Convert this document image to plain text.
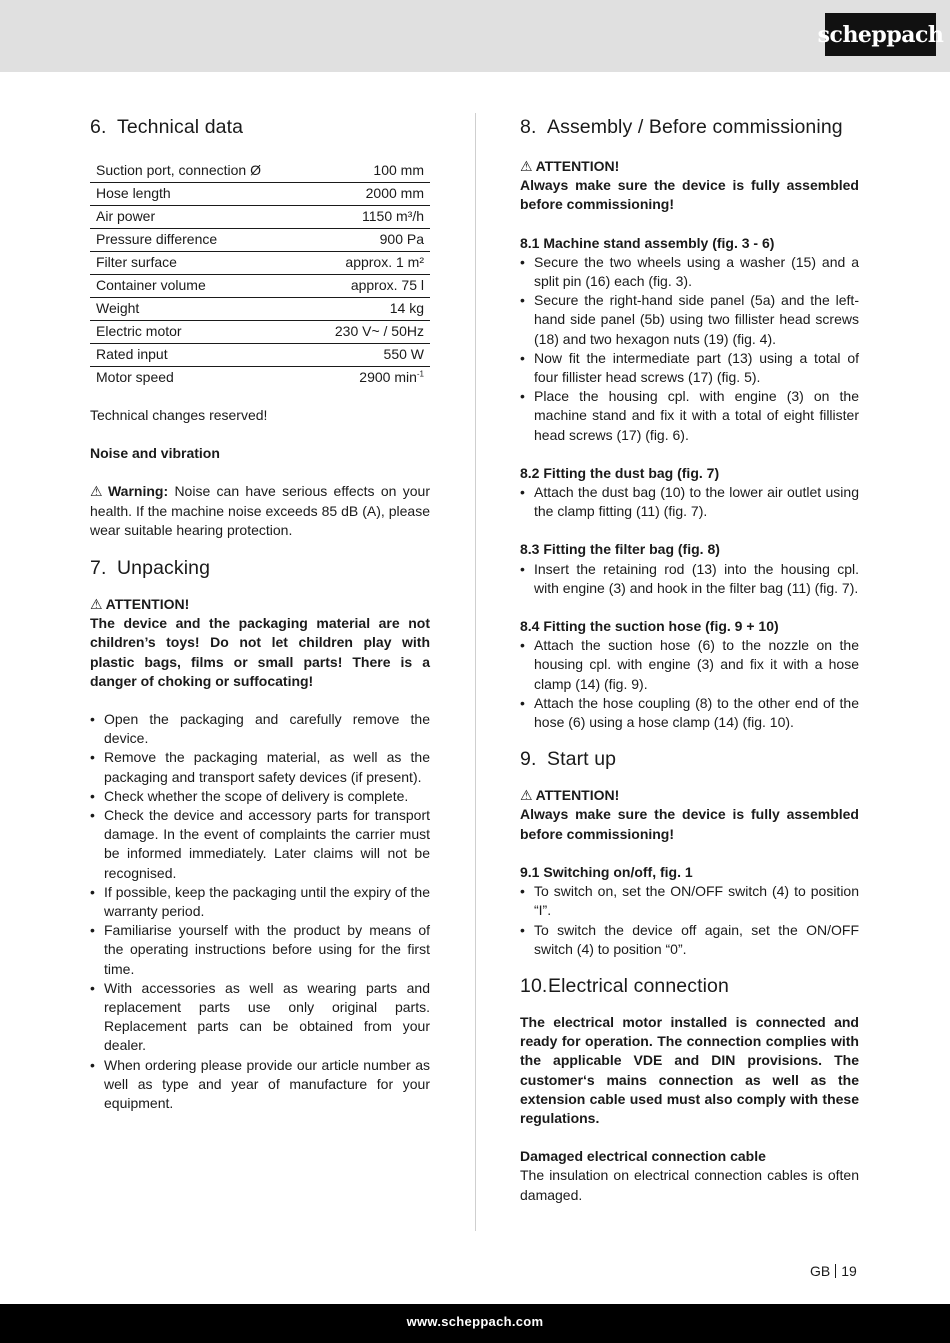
scheppach
6. Technical data
Suction port, connection Ø	100 mm
Hose length	2000 mm
Air power	1150 m³/h
Pressure difference	900 Pa
Filter surface	approx. 1 m²
Container volume	approx. 75 l
Weight	14 kg
Electric motor	230 V~ / 50Hz
Rated input	550 W
Motor speed	2900 $\min^{-1}$

Technical changes reserved!

Noise and vibration

⚠ Warning: Noise can have serious effects on your health. If the machine noise exceeds 85 dB (A), please wear suitable hearing protection.

7. Unpacking

⚠ ATTENTION!

The device and the packaging material are not children’s toys! Do not let children play with plastic bags, films or small parts! There is a danger of choking or suffocating!

• Open the packaging and carefully remove the device.
• Remove the packaging material, as well as the packaging and transport safety devices (if present).
• Check whether the scope of delivery is complete.
• Check the device and accessory parts for transport damage. In the event of complaints the carrier must be informed immediately. Later claims will not be recognised.
• If possible, keep the packaging until the expiry of the warranty period.
• Familiarise yourself with the product by means of the operating instructions before using for the first time.
• With accessories as well as wearing parts and replacement parts use only original parts. Replacement parts can be obtained from your dealer.
• When ordering please provide our article number as well as type and year of manufacture for your equipment.
8. Assembly / Before commissioning

⚠ ATTENTION!

Always make sure the device is fully assembled before commissioning!

8.1 Machine stand assembly (fig. 3 - 6)

• Secure the two wheels using a washer (15) and a split pin (16) each (fig. 3).
• Secure the right-hand side panel (5a) and the left-hand side panel (5b) using two fillister head screws (18) and two hexagon nuts (19) (fig. 4).
• Now fit the intermediate part (13) using a total of four fillister head screws (17) (fig. 5).
• Place the housing cpl. with engine (3) on the machine stand and fix it with a total of eight fillister head screws (17) (fig. 6).

8.2 Fitting the dust bag (fig. 7)

• Attach the dust bag (10) to the lower air outlet using the clamp fitting (11) (fig. 7).

8.3 Fitting the filter bag (fig. 8)

• Insert the retaining rod (13) into the housing cpl. with engine (3) and hook in the filter bag (11) (fig. 7).

8.4 Fitting the suction hose (fig. 9 + 10)

• Attach the suction hose (6) to the nozzle on the housing cpl. with engine (3) and fix it with a hose clamp (14) (fig. 9).
• Attach the hose coupling (8) to the other end of the hose (6) using a hose clamp (14) (fig. 10).
9. Start up

⚠ ATTENTION!

Always make sure the device is fully assembled before commissioning!

9.1 Switching on/off, fig. 1

• To switch on, set the ON/OFF switch (4) to position “I”.
• To switch the device off again, set the ON/OFF switch (4) to position “0”.
10.Electrical connection

The electrical motor installed is connected and ready for operation. The connection complies with the applicable VDE and DIN provisions. The customer‘s mains connection as well as the extension cable used must also comply with these regulations.

Damaged electrical connection cable

The insulation on electrical connection cables is often damaged.

GB 19
www.scheppach.com
